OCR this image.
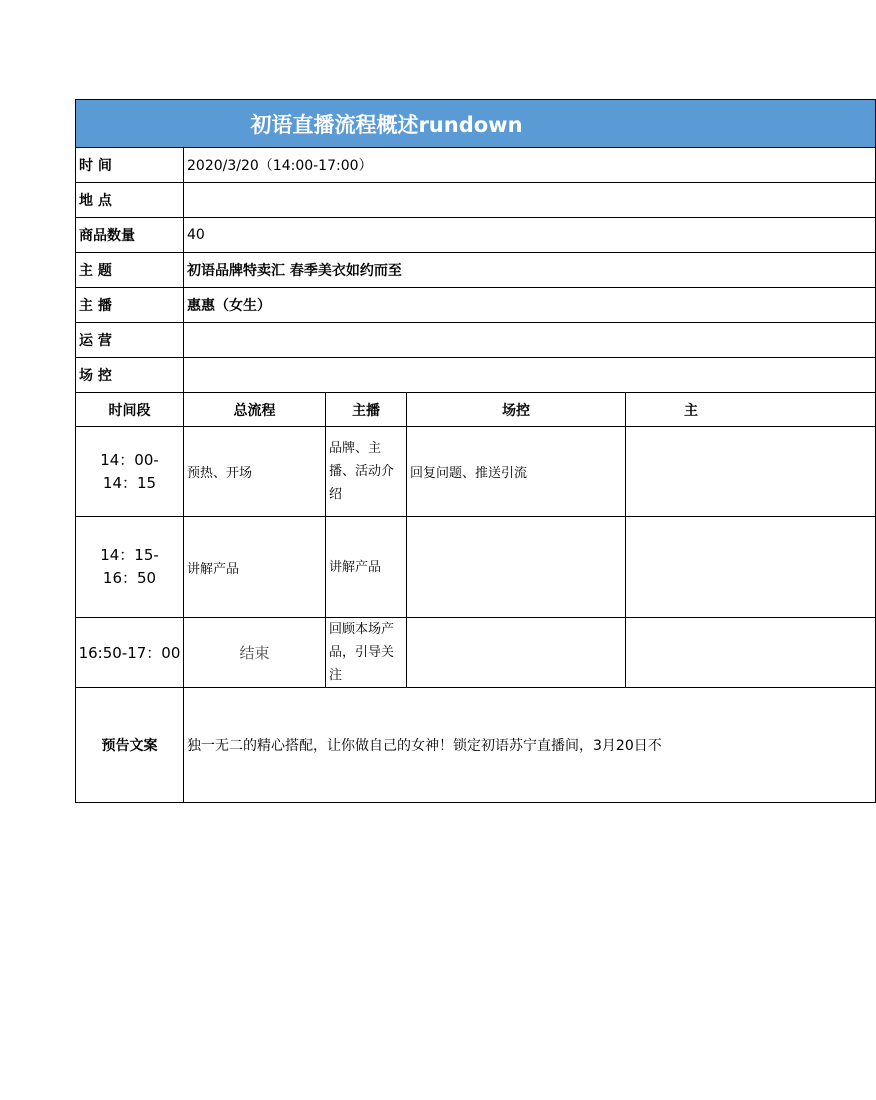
初语直播流程概述rundown				

时 间	2020/3/20（14:00-17:00）			
地 点				
商品数量	40			
主 题	初语品牌特卖汇 春季美衣如约而至			
主 播	惠惠（女生）			
运 营				
场 控				
时间段	总流程	主播	场控	主
14：00-14：15	预热、开场	品牌、主播、活动介绍	回复问题、推送引流	
14：15-16：50	讲解产品	讲解产品		
16:50-17：00	结束	回顾本场产品，引导关注		
预告文案	独一无二的精心搭配，让你做自己的女神！锁定初语苏宁直播间，3月20日不			
